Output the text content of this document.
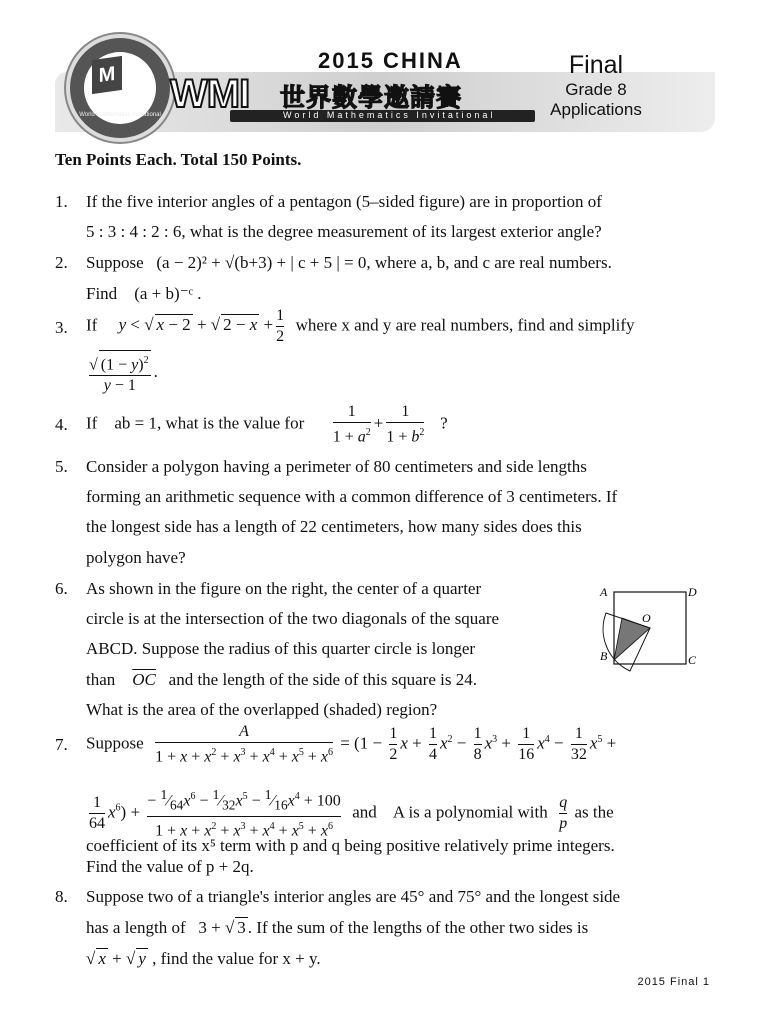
M
World Mathematics Invitational
2015 CHINA
WMI 世界數學邀請賽
World Mathematics Invitational
Final
Grade 8
Applications
Ten Points Each. Total 150 Points.
1. If the five interior angles of a pentagon (5–sided figure) are in proportion of
5 : 3 : 4 : 2 : 6, what is the degree measurement of its largest exterior angle?
2. Suppose (a − 2)² + √(b+3) + | c + 5 | = 0, where a, b, and c are real numbers.
Find (a + b)⁻ᶜ .
3. If y < √ x − 2 + √ $2 - x + \frac{1}{2}$ where x and y are real numbers, find and simplify
$\frac{√ (1 - y)^2}{y - 1}$ .
4. If ab = 1, what is the value for $\frac{1}{1 + a^2} + \frac{1}{1 + b^2}$ ?
5. Consider a polygon having a perimeter of 80 centimeters and side lengths
forming an arithmetic sequence with a common difference of 3 centimeters. If
the longest side has a length of 22 centimeters, how many sides does this
polygon have?
6. As shown in the figure on the right, the center of a quarter
circle is at the intersection of the two diagonals of the square
ABCD. Suppose the radius of this quarter circle is longer
than $\overline{OC}$ and the length of the side of this square is 24.
What is the area of the overlapped (shaded) region?
A	D
B	C
O
7. Suppose $\frac{A}{1 + x + x^2 + x^3 + x^4 + x^5 + x^6} = (1 - \frac{1}{2}$ $x + \frac{1}{4} x^2 - \frac{1}{8} x^3 + \frac{1}{16} x^4 - \frac{1}{32} x^5$ +
$\frac{1}{64} x^6) + \frac{- ^1⁄_{64}x^6 - ^1⁄_{32}x^5 - ^1⁄_{16}x^4 + 100}{1 + x + x^2 + x^3 + x^4 + x^5 + x^6}$ and A is a polynomial with $\frac{q}{p}$ as the
coefficient of its x⁵ term with p and q being positive relatively prime integers.
Find the value of p + 2q.
8. Suppose two of a triangle's interior angles are 45° and 75° and the longest side
has a length of 3 + √ 3 . If the sum of the lengths of the other two sides is
√ x + √ y , find the value for x + y.
2015 Final 1
